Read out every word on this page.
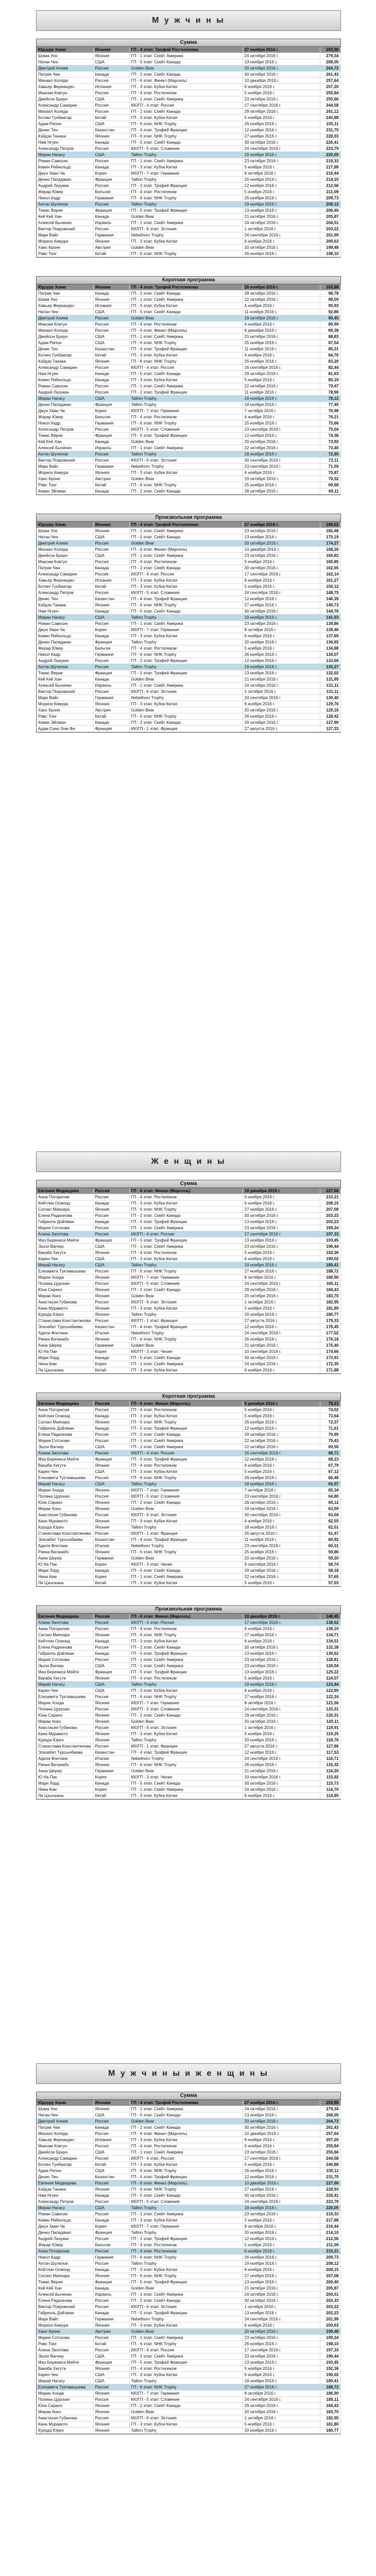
М у ж ч и н ы
Ж е н щ и н ы
М у ж ч и н ы и ж е н щ и н ы
Сумма
Юдзуру Ханю	Япония	ГП - 4 этап: Трофей Ростелекома	27 ноября 2016 г.	293,90
Шома Уно	Япония	ГП - 1 этап: Скейт Америка	24 октября 2016 г.	279,34
Натан Чен	США	ГП - 5 этап: Скейт Канада	13 ноября 2016 г.	268,05
Дмитрий Алиев	Россия	Golden Bear	20 октября 2016 г.	264,72
Патрик Чан	Канада	ГП - 2 этап: Скейт Канада	30 октября 2016 г.	261,43
Михаил Коляда	Россия	ГП - 6 этап: Финал (Марсель)	10 декабря 2016 г.	257,64
Хавьер Фернандес	Испания	ГП - 3 этап: Кубок Китая	6 ноября 2016 г.	257,20
Максим Ковтун	Россия	ГП - 4 этап: Ростелеком	5 ноября 2016 г.	255,84
Джейсон Браун	США	ГП - 1 этап: Скейт Америка	23 октября 2016 г.	255,66
Александр Самарин	Россия	КЮГП - 4 этап: Россия	17 сентября 2016 г.	244,58
Михаил Коляда	Россия	ГП - 2 этап: Скейт Канада	29 октября 2016 г.	241,12
Ботинг Гунбаатар	Китай	ГП - 3 этап: Кубок Китая	5 ноября 2016 г.	240,88
Адам Рипон	США	ГП - 6 этап: NHK Trophy	26 ноября 2016 г.	235,11
Денис Тен	Казахстан	ГП - 4 этап: Трофей Франции	12 ноября 2016 г.	231,70
Кэйдзи Танака	Япония	ГП - 6 этап: NHK Trophy	27 ноября 2016 г.	228,93
Нам Нгуен	Канада	ГП - 5 этап: Скейт Канада	30 октября 2016 г.	226,41
Александр Петров	Россия	КЮГП - 5 этап: Словения	24 сентября 2016 г.	223,79
Мираи Нагасу	США	Tallinn Trophy	19 ноября 2016 г.	220,05
Роман Савосин	Россия	ГП - 1 этап: Скейт Америка	23 октября 2016 г.	219,33
Кевин Рейнольдс	Канада	ГП - 3 этап: Кубок Китая	5 ноября 2016 г.	217,88
Джун Хван Ча	Корея	КЮГП - 7 этап: Германия	8 октября 2016 г.	216,44
Дениз Пападакис	Франция	Tallinn Trophy	20 ноября 2016 г.	214,10
Андрей Лазукин	Россия	ГП - 2 этап: Трофей Франции	12 ноября 2016 г.	212,56
Жерар Ювер	Бельгия	ГП - 4 этап: Ростелеком	5 ноября 2016 г.	211,09
Никол Кадр	Германия	ГП - 6 этап: NHK Trophy	26 ноября 2016 г.	209,73
Антон Шулепов	Россия	Tallinn Trophy	19 ноября 2016 г.	208,12
Томас Верне	Франция	ГП - 5 этап: Трофей Франции	13 ноября 2016 г.	206,40
Кей Кей Хан	Канада	Golden Bear	21 октября 2016 г.	205,87
Алексей Быченко	Израиль	ГП - 1 этап: Скейт Америка	24 октября 2016 г.	204,51
Виктор Покровский	Россия	КЮГП - 6 этап: Эстония	1 октября 2016 г.	203,22
Марк Вайс	Германия	Nebelhorn Trophy	24 сентября 2016 г.	201,99
Мориси Кимура	Япония	ГП - 3 этап: Кубок Китая	6 ноября 2016 г.	200,63
Ханс Кроне	Австрия	Golden Bear	20 октября 2016 г.	199,48
Ривс Тонг	Китай	ГП - 6 этап: NHK Trophy	26 ноября 2016 г.	198,10
Короткая программа
Юдзуру Ханю	Япония	ГП - 4 этап: Трофей Ростелекома	26 ноября 2016 г.	103,89
Патрик Чан	Канада	ГП - 2 этап: Скейт Канада	28 октября 2016 г.	98,78
Шома Уно	Япония	ГП - 1 этап: Скейт Америка	22 октября 2016 г.	98,59
Хавьер Фернандес	Испания	ГП - 3 этап: Кубок Китая	4 ноября 2016 г.	95,93
Натан Чен	США	ГП - 5 этап: Скейт Канада	11 ноября 2016 г.	92,86
Дмитрий Алиев	Россия	Golden Bear	19 октября 2016 г.	90,45
Максим Ковтун	Россия	ГП - 4 этап: Ростелеком	4 ноября 2016 г.	89,99
Михаил Коляда	Россия	ГП - 6 этап: Финал (Марсель)	8 декабря 2016 г.	89,38
Джейсон Браун	США	ГП - 1 этап: Скейт Америка	21 октября 2016 г.	88,83
Адам Рипон	США	ГП - 6 этап: NHK Trophy	25 ноября 2016 г.	87,54
Денис Тен	Казахстан	ГП - 4 этап: Трофей Франции	11 ноября 2016 г.	85,31
Ботинг Гунбаатар	Китай	ГП - 3 этап: Кубок Китая	4 ноября 2016 г.	84,76
Кэйдзи Танака	Япония	ГП - 6 этап: NHK Trophy	25 ноября 2016 г.	83,20
Александр Самарин	Россия	КЮГП - 4 этап: Россия	16 сентября 2016 г.	82,44
Нам Нгуен	Канада	ГП - 5 этап: Скейт Канада	29 октября 2016 г.	81,63
Кевин Рейнольдс	Канада	ГП - 3 этап: Кубок Китая	5 ноября 2016 г.	80,19
Роман Савосин	Россия	ГП - 1 этап: Скейт Америка	22 октября 2016 г.	79,47
Андрей Лазукин	Россия	ГП - 2 этап: Трофей Франции	11 ноября 2016 г.	78,90
Мираи Нагасу	США	Tallinn Trophy	18 ноября 2016 г.	78,12
Дениз Пападакис	Франция	Tallinn Trophy	18 ноября 2016 г.	77,45
Джун Хван Ча	Корея	КЮГП - 7 этап: Германия	7 октября 2016 г.	76,98
Жерар Ювер	Бельгия	ГП - 4 этап: Ростелеком	4 ноября 2016 г.	76,21
Никол Кадр	Германия	ГП - 6 этап: NHK Trophy	25 ноября 2016 г.	75,66
Александр Петров	Россия	КЮГП - 5 этап: Словения	23 сентября 2016 г.	75,04
Томас Верне	Франция	ГП - 5 этап: Трофей Франции	12 ноября 2016 г.	74,38
Кей Кей Хан	Канада	Golden Bear	20 октября 2016 г.	73,92
Алексей Быченко	Израиль	ГП - 1 этап: Скейт Америка	22 октября 2016 г.	73,40
Антон Шулепов	Россия	Tallinn Trophy	18 ноября 2016 г.	72,85
Виктор Покровский	Россия	КЮГП - 6 этап: Эстония	30 сентября 2016 г.	72,11
Марк Вайс	Германия	Nebelhorn Trophy	23 сентября 2016 г.	71,59
Мориси Кимура	Япония	ГП - 3 этап: Кубок Китая	4 ноября 2016 г.	70,87
Ханс Кроне	Австрия	Golden Bear	19 октября 2016 г.	70,32
Ривс Тонг	Китай	ГП - 6 этап: NHK Trophy	25 ноября 2016 г.	69,68
Кевин Эйлман	Канада	ГП - 2 этап: Скейт Канада	28 октября 2016 г.	69,11
Произвольная программа
Юдзуру Ханю	Япония	ГП - 4 этап: Трофей Ростелекома	27 ноября 2016 г.	190,01
Шома Уно	Япония	ГП - 1 этап: Скейт Америка	23 октября 2016 г.	182,48
Натан Чен	США	ГП - 5 этап: Скейт Канада	13 ноября 2016 г.	175,19
Дмитрий Алиев	Россия	Golden Bear	20 октября 2016 г.	174,27
Михаил Коляда	Россия	ГП - 6 этап: Финал (Марсель)	10 декабря 2016 г.	168,26
Джейсон Браун	США	ГП - 1 этап: Скейт Америка	23 октября 2016 г.	166,83
Максим Ковтун	Россия	ГП - 4 этап: Ростелеком	5 ноября 2016 г.	165,85
Патрик Чан	Канада	ГП - 2 этап: Скейт Канада	30 октября 2016 г.	162,65
Александр Самарин	Россия	КЮГП - 4 этап: Россия	17 сентября 2016 г.	162,14
Хавьер Фернандес	Испания	ГП - 3 этап: Кубок Китая	6 ноября 2016 г.	161,27
Ботинг Гунбаатар	Китай	ГП - 3 этап: Кубок Китая	5 ноября 2016 г.	156,12
Александр Петров	Россия	КЮГП - 5 этап: Словения	24 сентября 2016 г.	148,75
Денис Тен	Казахстан	ГП - 4 этап: Трофей Франции	12 ноября 2016 г.	146,39
Кэйдзи Танака	Япония	ГП - 6 этап: NHK Trophy	27 ноября 2016 г.	145,73
Нам Нгуен	Канада	ГП - 5 этап: Скейт Канада	30 октября 2016 г.	144,78
Мираи Нагасу	США	Tallinn Trophy	19 ноября 2016 г.	141,93
Роман Савосин	Россия	ГП - 1 этап: Скейт Америка	23 октября 2016 г.	139,86
Джун Хван Ча	Корея	КЮГП - 7 этап: Германия	8 октября 2016 г.	139,46
Кевин Рейнольдс	Канада	ГП - 3 этап: Кубок Китая	6 ноября 2016 г.	137,69
Дениз Пападакис	Франция	Tallinn Trophy	20 ноября 2016 г.	136,65
Жерар Ювер	Бельгия	ГП - 4 этап: Ростелеком	5 ноября 2016 г.	134,88
Никол Кадр	Германия	ГП - 6 этап: NHK Trophy	26 ноября 2016 г.	134,07
Андрей Лазукин	Россия	ГП - 2 этап: Трофей Франции	12 ноября 2016 г.	133,66
Антон Шулепов	Россия	Tallinn Trophy	19 ноября 2016 г.	135,27
Томас Верне	Франция	ГП - 5 этап: Трофей Франции	13 ноября 2016 г.	132,02
Кей Кей Хан	Канада	Golden Bear	21 октября 2016 г.	131,95
Алексей Быченко	Израиль	ГП - 1 этап: Скейт Америка	24 октября 2016 г.	131,11
Виктор Покровский	Россия	КЮГП - 6 этап: Эстония	1 октября 2016 г.	131,11
Марк Вайс	Германия	Nebelhorn Trophy	24 сентября 2016 г.	130,40
Мориси Кимура	Япония	ГП - 3 этап: Кубок Китая	6 ноября 2016 г.	129,76
Ханс Кроне	Австрия	Golden Bear	20 октября 2016 г.	129,16
Ривс Тонг	Китай	ГП - 6 этап: NHK Trophy	26 ноября 2016 г.	128,42
Кевин Эйлман	Канада	ГП - 2 этап: Скейт Канада	29 октября 2016 г.	127,90
Адам Сиао Хим Фа	Франция	КЮГП - 1 этап: Франция	27 августа 2016 г.	127,33
Сумма
Евгения Медведева	Россия	ГП - 6 этап: Финал (Марсель)	10 декабря 2016 г.	227,66
Анна Погорилая	Россия	ГП - 4 этап: Ростелеком	6 ноября 2016 г.	210,21
Кейтлин Осмонд	Канада	ГП - 3 этап: Кубок Китая	6 ноября 2016 г.	208,15
Сатоко Мияхара	Япония	ГП - 6 этап: NHK Trophy	27 ноября 2016 г.	207,08
Елена Радионова	Россия	ГП - 2 этап: Скейт Канада	30 октября 2016 г.	203,33
Габриэль Дэйлман	Канада	ГП - 5 этап: Трофей Франции	13 ноября 2016 г.	202,23
Мария Сотскова	Россия	ГП - 1 этап: Скейт Америка	23 октября 2016 г.	199,24
Алина Загитова	Россия	КЮГП - 4 этап: Россия	17 сентября 2016 г.	197,33
Маэ Берениса Мейте	Франция	ГП - 5 этап: Трофей Франции	13 ноября 2016 г.	193,45
Эшли Вагнер	США	ГП - 1 этап: Скейт Америка	23 октября 2016 г.	196,44
Вакаба Хигути	Япония	ГП - 4 этап: Ростелеком	5 ноября 2016 г.	192,36
Карен Чен	США	ГП - 3 этап: Кубок Китая	6 ноября 2016 г.	190,02
Мирай Нагасу	США	Tallinn Trophy	19 ноября 2016 г.	189,41
Елизавета Туктамышева	Россия	ГП - 6 этап: NHK Trophy	27 ноября 2016 г.	188,72
Марин Хонда	Япония	КЮГП - 7 этап: Германия	8 октября 2016 г.	186,90
Полина Цурская	Россия	КЮГП - 5 этап: Словения	24 сентября 2016 г.	185,11
Юна Сиранэ	Япония	ГП - 2 этап: Скейт Канада	29 октября 2016 г.	184,43
Мираи Аокэ	Япония	Golden Bear	20 октября 2016 г.	183,70
Анастасия Губанова	Россия	КЮГП - 6 этап: Эстония	1 октября 2016 г.	182,95
Кана Мурамото	Япония	ГП - 3 этап: Кубок Китая	5 ноября 2016 г.	181,80
Курода Юриэ	Япония	Tallinn Trophy	20 ноября 2016 г.	180,77
Станислава Константинова	Россия	КЮГП - 1 этап: Франция	27 августа 2016 г.	179,33
Элизабет Турсынбаева	Казахстан	ГП - 4 этап: Трофей Франции	12 ноября 2016 г.	178,45
Адела Фонтани	Италия	Nebelhorn Trophy	24 сентября 2016 г.	177,02
Ринка Ватанабэ	Япония	ГП - 6 этап: NHK Trophy	26 ноября 2016 г.	176,18
Анна Шерер	Германия	Golden Bear	21 октября 2016 г.	175,40
Ю На Пак	Корея	КЮГП - 3 этап: Чехия	10 сентября 2016 г.	174,66
Мари Лорд	Канада	ГП - 5 этап: Скейт Канада	30 октября 2016 г.	173,91
Нина Ким	Корея	ГП - 1 этап: Скейт Америка	24 октября 2016 г.	172,35
Ли Цзысюань	Китай	ГП - 3 этап: Кубок Китая	6 ноября 2016 г.	171,88
Короткая программа
Евгения Медведева	Россия	ГП - 6 этап: Финал (Марсель)	9 декабря 2016 г.	79,21
Анна Погорилая	Россия	ГП - 4 этап: Ростелеком	5 ноября 2016 г.	74,02
Кейтлин Осмонд	Канада	ГП - 3 этап: Кубок Китая	5 ноября 2016 г.	73,64
Сатоко Мияхара	Япония	ГП - 6 этап: NHK Trophy	26 ноября 2016 г.	72,37
Габриэль Дэйлман	Канада	ГП - 5 этап: Трофей Франции	12 ноября 2016 г.	71,61
Елена Радионова	Россия	ГП - 2 этап: Скейт Канада	29 октября 2016 г.	70,95
Мария Сотскова	Россия	ГП - 1 этап: Скейт Америка	22 октября 2016 г.	70,43
Эшли Вагнер	США	ГП - 1 этап: Скейт Америка	22 октября 2016 г.	69,50
Алина Загитова	Россия	КЮГП - 4 этап: Россия	16 сентября 2016 г.	68,71
Маэ Берениса Мейте	Франция	ГП - 5 этап: Трофей Франции	12 ноября 2016 г.	68,23
Вакаба Хигути	Япония	ГП - 4 этап: Ростелеком	4 ноября 2016 г.	67,79
Карен Чен	США	ГП - 3 этап: Кубок Китая	5 ноября 2016 г.	67,12
Елизавета Туктамышева	Россия	ГП - 6 этап: NHK Trophy	26 ноября 2016 г.	66,48
Мирай Нагасу	США	Tallinn Trophy	18 ноября 2016 г.	65,97
Марин Хонда	Япония	КЮГП - 7 этап: Германия	7 октября 2016 г.	65,34
Полина Цурская	Россия	КЮГП - 5 этап: Словения	23 сентября 2016 г.	64,80
Юна Сиранэ	Япония	ГП - 2 этап: Скейт Канада	28 октября 2016 г.	64,12
Мираи Аокэ	Япония	Golden Bear	19 октября 2016 г.	63,59
Анастасия Губанова	Россия	КЮГП - 6 этап: Эстония	30 сентября 2016 г.	63,04
Кана Мурамото	Япония	ГП - 3 этап: Кубок Китая	4 ноября 2016 г.	62,55
Курода Юриэ	Япония	Tallinn Trophy	18 ноября 2016 г.	62,01
Станислава Константинова	Россия	КЮГП - 1 этап: Франция	26 августа 2016 г.	61,47
Элизабет Турсынбаева	Казахстан	ГП - 4 этап: Трофей Франции	11 ноября 2016 г.	60,92
Адела Фонтани	Италия	Nebelhorn Trophy	23 сентября 2016 г.	60,31
Ринка Ватанабэ	Япония	ГП - 6 этап: NHK Trophy	25 ноября 2016 г.	59,86
Анна Шерер	Германия	Golden Bear	20 октября 2016 г.	59,20
Ю На Пак	Корея	КЮГП - 3 этап: Чехия	9 сентября 2016 г.	58,74
Мари Лорд	Канада	ГП - 5 этап: Скейт Канада	29 октября 2016 г.	58,18
Нина Ким	Корея	ГП - 1 этап: Скейт Америка	22 октября 2016 г.	57,65
Ли Цзысюань	Китай	ГП - 3 этап: Кубок Китая	5 ноября 2016 г.	57,03
Произвольная программа
Евгения Медведева	Россия	ГП - 6 этап: Финал (Марсель)	10 декабря 2016 г.	148,45
Алина Загитова	Россия	КЮГП - 4 этап: Россия	17 сентября 2016 г.	138,62
Анна Погорилая	Россия	ГП - 4 этап: Ростелеком	6 ноября 2016 г.	136,19
Сатоко Мияхара	Япония	ГП - 6 этап: NHK Trophy	27 ноября 2016 г.	134,71
Кейтлин Осмонд	Канада	ГП - 3 этап: Кубок Китая	6 ноября 2016 г.	134,51
Елена Радионова	Россия	ГП - 2 этап: Скейт Канада	30 октября 2016 г.	132,38
Габриэль Дэйлман	Канада	ГП - 5 этап: Трофей Франции	13 ноября 2016 г.	130,62
Мария Сотскова	Россия	ГП - 1 этап: Скейт Америка	23 октября 2016 г.	128,81
Эшли Вагнер	США	ГП - 1 этап: Скейт Америка	23 октября 2016 г.	126,94
Маэ Берениса Мейте	Франция	ГП - 5 этап: Трофей Франции	13 ноября 2016 г.	125,22
Вакаба Хигути	Япония	ГП - 4 этап: Ростелеком	5 ноября 2016 г.	124,57
Мирай Нагасу	США	Tallinn Trophy	19 ноября 2016 г.	123,44
Карен Чен	США	ГП - 3 этап: Кубок Китая	6 ноября 2016 г.	122,90
Елизавета Туктамышева	Россия	ГП - 6 этап: NHK Trophy	27 ноября 2016 г.	122,24
Марин Хонда	Япония	КЮГП - 7 этап: Германия	8 октября 2016 г.	121,56
Полина Цурская	Россия	КЮГП - 5 этап: Словения	24 сентября 2016 г.	120,31
Юна Сиранэ	Япония	ГП - 2 этап: Скейт Канада	29 октября 2016 г.	120,31
Мираи Аокэ	Япония	Golden Bear	20 октября 2016 г.	120,11
Анастасия Губанова	Россия	КЮГП - 6 этап: Эстония	1 октября 2016 г.	119,91
Кана Мурамото	Япония	ГП - 3 этап: Кубок Китая	5 ноября 2016 г.	119,25
Курода Юриэ	Япония	Tallinn Trophy	20 ноября 2016 г.	118,76
Станислава Константинова	Россия	КЮГП - 1 этап: Франция	27 августа 2016 г.	117,86
Элизабет Турсынбаева	Казахстан	ГП - 4 этап: Трофей Франции	12 ноября 2016 г.	117,53
Адела Фонтани	Италия	Nebelhorn Trophy	24 сентября 2016 г.	116,71
Ринка Ватанабэ	Япония	ГП - 6 этап: NHK Trophy	26 ноября 2016 г.	116,32
Анна Шерер	Германия	Golden Bear	21 октября 2016 г.	116,20
Ю На Пак	Корея	КЮГП - 3 этап: Чехия	10 сентября 2016 г.	115,92
Мари Лорд	Канада	ГП - 5 этап: Скейт Канада	30 октября 2016 г.	115,73
Нина Ким	Корея	ГП - 1 этап: Скейт Америка	24 октября 2016 г.	114,70
Ли Цзысюань	Китай	ГП - 3 этап: Кубок Китая	6 ноября 2016 г.	114,85
Сумма
Юдзуру Ханю	Япония	ГП - 4 этап: Трофей Ростелекома	27 ноября 2016 г.	293,90
Шома Уно	Япония	ГП - 1 этап: Скейт Америка	24 октября 2016 г.	279,34
Натан Чен	США	ГП - 5 этап: Скейт Канада	13 ноября 2016 г.	268,05
Дмитрий Алиев	Россия	Golden Bear	20 октября 2016 г.	264,72
Патрик Чан	Канада	ГП - 2 этап: Скейт Канада	30 октября 2016 г.	261,43
Михаил Коляда	Россия	ГП - 6 этап: Финал (Марсель)	10 декабря 2016 г.	257,64
Хавьер Фернандес	Испания	ГП - 3 этап: Кубок Китая	6 ноября 2016 г.	257,20
Максим Ковтун	Россия	ГП - 4 этап: Ростелеком	5 ноября 2016 г.	255,84
Джейсон Браун	США	ГП - 1 этап: Скейт Америка	23 октября 2016 г.	255,66
Александр Самарин	Россия	КЮГП - 4 этап: Россия	17 сентября 2016 г.	244,58
Ботинг Гунбаатар	Китай	ГП - 3 этап: Кубок Китая	5 ноября 2016 г.	240,88
Адам Рипон	США	ГП - 6 этап: NHK Trophy	26 ноября 2016 г.	235,11
Денис Тен	Казахстан	ГП - 4 этап: Трофей Франции	12 ноября 2016 г.	231,70
Евгения Медведева	Россия	ГП - 6 этап: Финал (Марсель)	10 декабря 2016 г.	227,66
Кэйдзи Танака	Япония	ГП - 6 этап: NHK Trophy	27 ноября 2016 г.	228,93
Нам Нгуен	Канада	ГП - 5 этап: Скейт Канада	30 октября 2016 г.	226,41
Александр Петров	Россия	КЮГП - 5 этап: Словения	24 сентября 2016 г.	223,79
Мираи Нагасу	США	Tallinn Trophy	19 ноября 2016 г.	220,05
Роман Савосин	Россия	ГП - 1 этап: Скейт Америка	23 октября 2016 г.	219,33
Кевин Рейнольдс	Канада	ГП - 3 этап: Кубок Китая	5 ноября 2016 г.	217,88
Джун Хван Ча	Корея	КЮГП - 7 этап: Германия	8 октября 2016 г.	216,44
Дениз Пападакис	Франция	Tallinn Trophy	20 ноября 2016 г.	214,10
Андрей Лазукин	Россия	ГП - 2 этап: Трофей Франции	12 ноября 2016 г.	212,56
Жерар Ювер	Бельгия	ГП - 4 этап: Ростелеком	5 ноября 2016 г.	211,09
Анна Погорилая	Россия	ГП - 4 этап: Ростелеком	6 ноября 2016 г.	210,21
Никол Кадр	Германия	ГП - 6 этап: NHK Trophy	26 ноября 2016 г.	209,73
Антон Шулепов	Россия	Tallinn Trophy	19 ноября 2016 г.	208,12
Кейтлин Осмонд	Канада	ГП - 3 этап: Кубок Китая	6 ноября 2016 г.	208,15
Сатоко Мияхара	Япония	ГП - 6 этап: NHK Trophy	27 ноября 2016 г.	207,08
Томас Верне	Франция	ГП - 5 этап: Трофей Франции	13 ноября 2016 г.	206,40
Кей Кей Хан	Канада	Golden Bear	21 октября 2016 г.	205,87
Алексей Быченко	Израиль	ГП - 1 этап: Скейт Америка	24 октября 2016 г.	204,51
Елена Радионова	Россия	ГП - 2 этап: Скейт Канада	30 октября 2016 г.	203,33
Виктор Покровский	Россия	КЮГП - 6 этап: Эстония	1 октября 2016 г.	203,22
Габриэль Дэйлман	Канада	ГП - 5 этап: Трофей Франции	13 ноября 2016 г.	202,23
Марк Вайс	Германия	Nebelhorn Trophy	24 сентября 2016 г.	201,99
Мориси Кимура	Япония	ГП - 3 этап: Кубок Китая	6 ноября 2016 г.	200,63
Ханс Кроне	Австрия	Golden Bear	20 октября 2016 г.	199,48
Мария Сотскова	Россия	ГП - 1 этап: Скейт Америка	23 октября 2016 г.	199,24
Ривс Тонг	Китай	ГП - 6 этап: NHK Trophy	26 ноября 2016 г.	198,10
Алина Загитова	Россия	КЮГП - 4 этап: Россия	17 сентября 2016 г.	197,33
Эшли Вагнер	США	ГП - 1 этап: Скейт Америка	23 октября 2016 г.	196,44
Маэ Берениса Мейте	Франция	ГП - 5 этап: Трофей Франции	13 ноября 2016 г.	193,45
Вакаба Хигути	Япония	ГП - 4 этап: Ростелеком	5 ноября 2016 г.	192,36
Карен Чен	США	ГП - 3 этап: Кубок Китая	6 ноября 2016 г.	190,02
Мирай Нагасу	США	Tallinn Trophy	19 ноября 2016 г.	189,41
Елизавета Туктамышева	Россия	ГП - 6 этап: NHK Trophy	27 ноября 2016 г.	188,72
Марин Хонда	Япония	КЮГП - 7 этап: Германия	8 октября 2016 г.	186,90
Полина Цурская	Россия	КЮГП - 5 этап: Словения	24 сентября 2016 г.	185,11
Юна Сиранэ	Япония	ГП - 2 этап: Скейт Канада	29 октября 2016 г.	184,43
Мираи Аокэ	Япония	Golden Bear	20 октября 2016 г.	183,70
Анастасия Губанова	Россия	КЮГП - 6 этап: Эстония	1 октября 2016 г.	182,95
Кана Мурамото	Япония	ГП - 3 этап: Кубок Китая	5 ноября 2016 г.	181,80
Курода Юриэ	Япония	Tallinn Trophy	20 ноября 2016 г.	180,77
